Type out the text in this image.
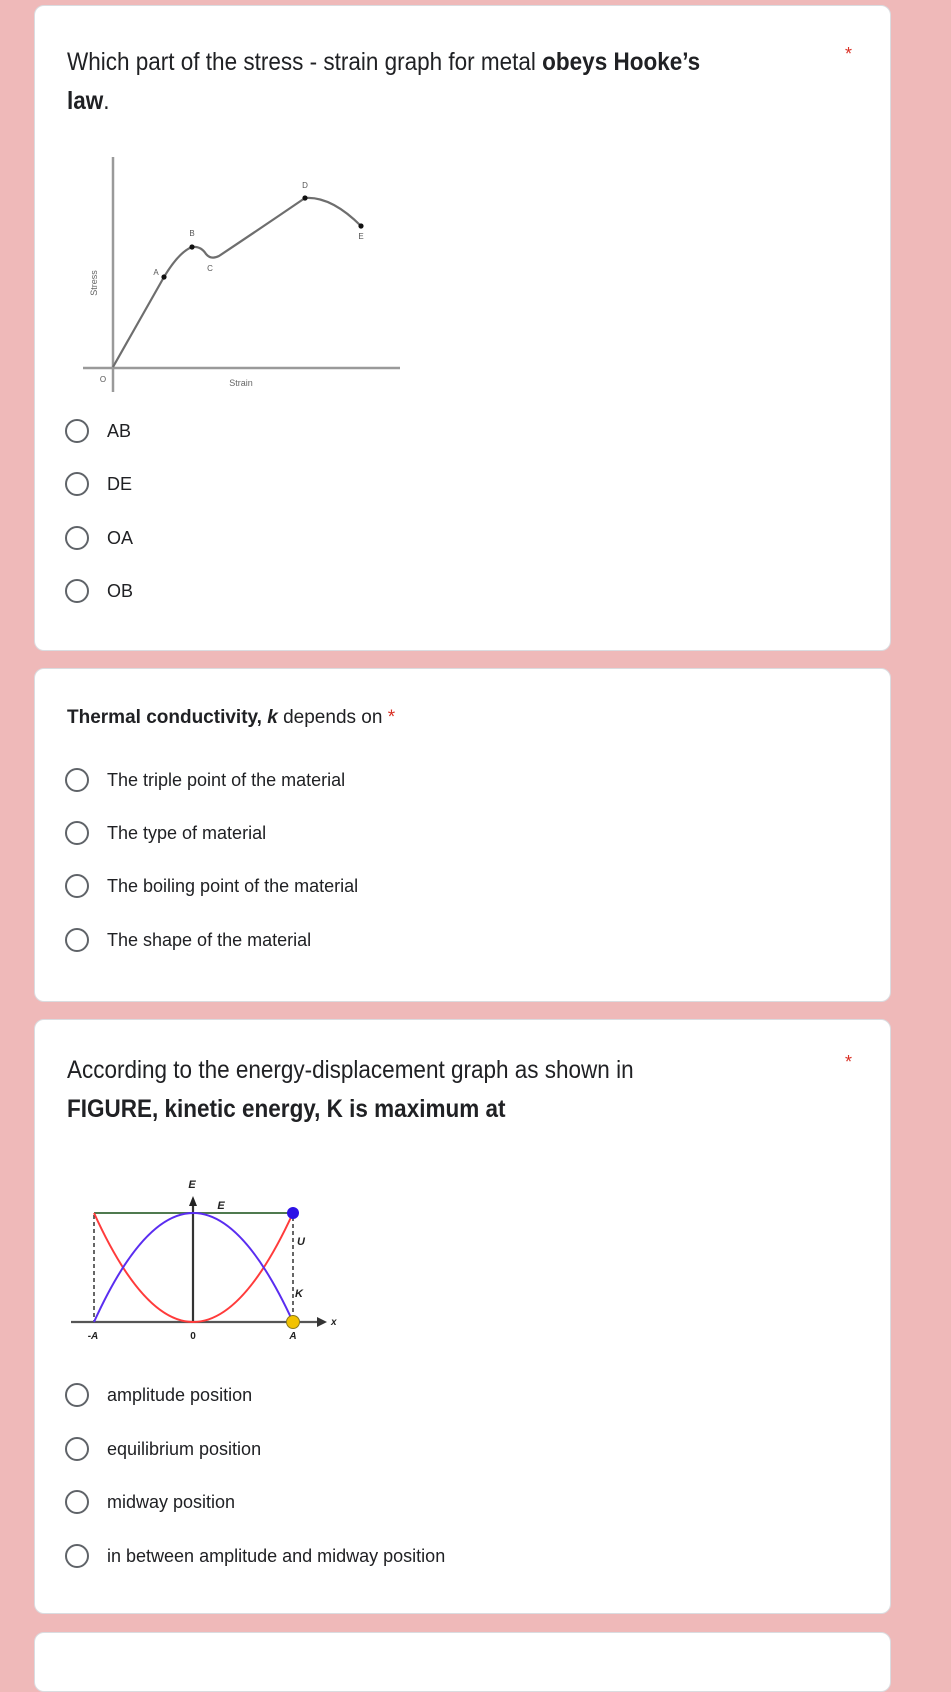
Which part of the stress - strain graph for metal obeys Hooke’s
law.
*
A
B
C
D
E
O	Strain
Stress
AB
DE
OA
OB
Thermal conductivity, k depends on *
The triple point of the material
The type of material
The boiling point of the material
The shape of the material
According to the energy-displacement graph as shown in
FIGURE, kinetic energy, K is maximum at
*
E
E
U
K
x
-A	0	A
amplitude position
equilibrium position
midway position
in between amplitude and midway position
